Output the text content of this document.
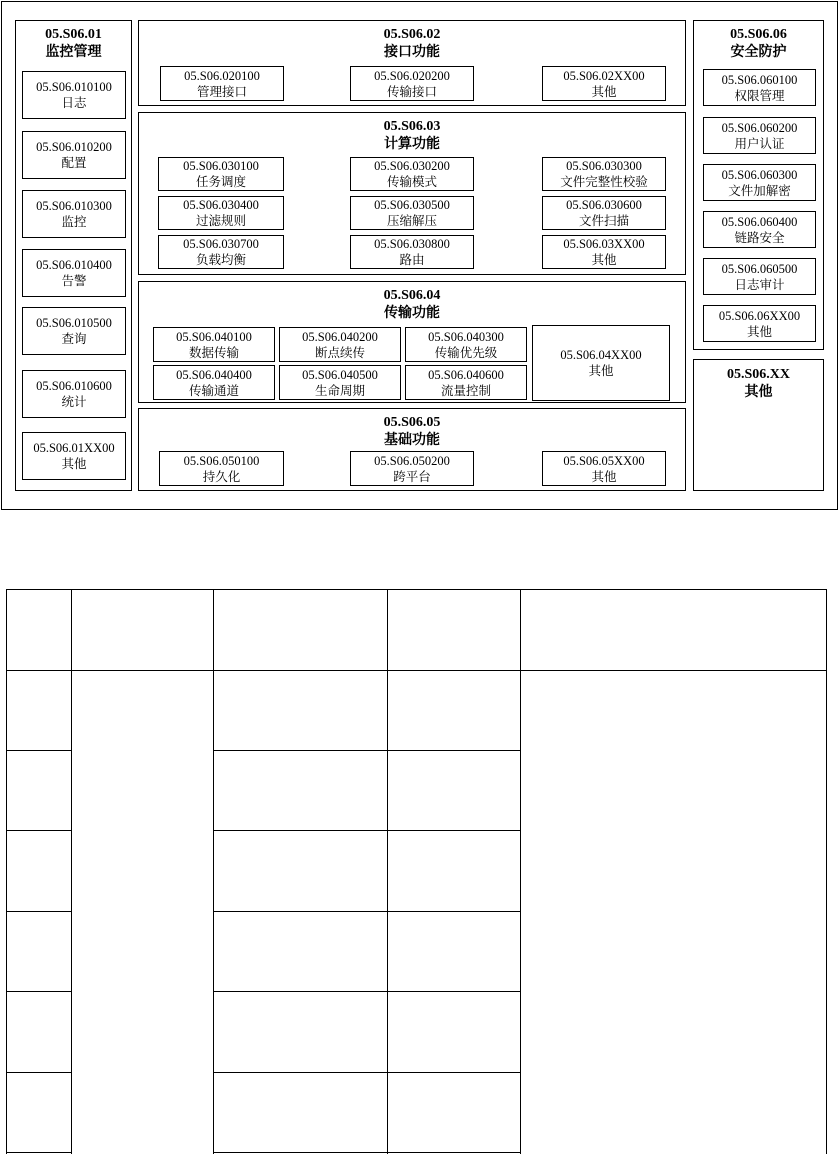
05.S06.01
监控管理
05.S06.010100
日志
05.S06.010200
配置
05.S06.010300
监控
05.S06.010400
告警
05.S06.010500
查询
05.S06.010600
统计
05.S06.01XX00
其他
05.S06.02
接口功能
05.S06.020100
管理接口
05.S06.020200
传输接口
05.S06.02XX00
其他
05.S06.03
计算功能
05.S06.030100
任务调度
05.S06.030200
传输模式
05.S06.030300
文件完整性校验
05.S06.030400
过滤规则
05.S06.030500
压缩解压
05.S06.030600
文件扫描
05.S06.030700
负载均衡
05.S06.030800
路由
05.S06.03XX00
其他
05.S06.04
传输功能
05.S06.040100
数据传输
05.S06.040200
断点续传
05.S06.040300
传输优先级
05.S06.040400
传输通道
05.S06.040500
生命周期
05.S06.040600
流量控制
05.S06.04XX00
其他
05.S06.05
基础功能
05.S06.050100
持久化
05.S06.050200
跨平台
05.S06.05XX00
其他
05.S06.06
安全防护
05.S06.060100
权限管理
05.S06.060200
用户认证
05.S06.060300
文件加解密
05.S06.060400
链路安全
05.S06.060500
日志审计
05.S06.06XX00
其他
05.S06.XX
其他
